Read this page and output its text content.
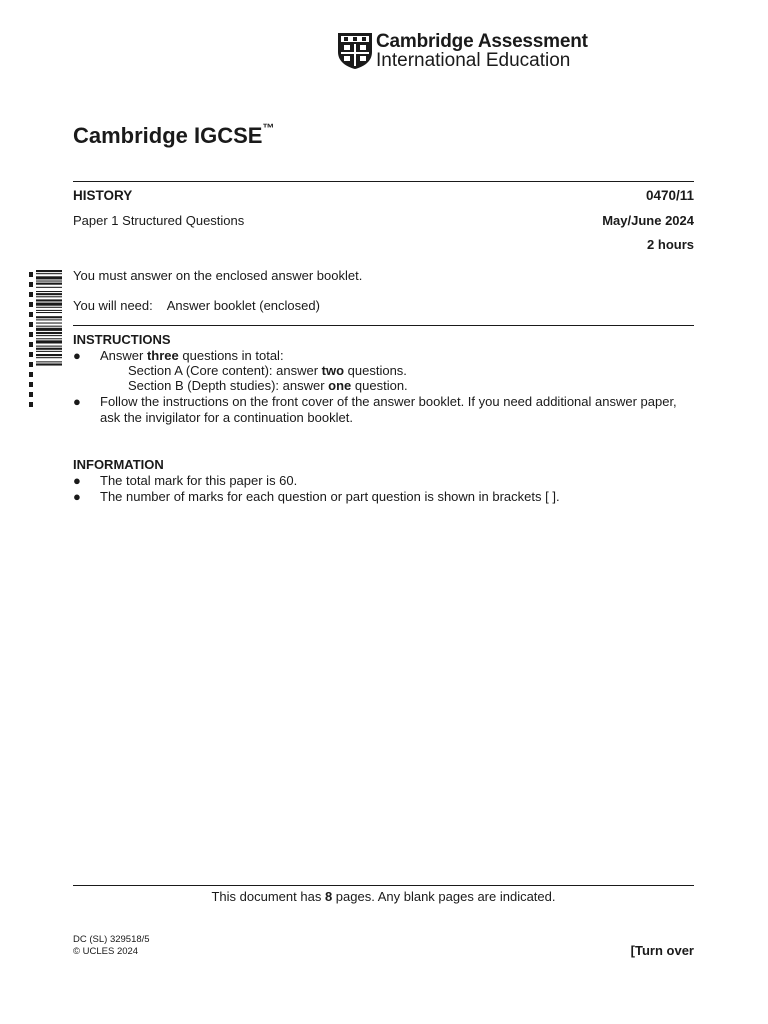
Cambridge Assessment
International Education
Cambridge IGCSE™
HISTORY	0470/11
Paper 1 Structured Questions	May/June 2024
2 hours
You must answer on the enclosed answer booklet.
You will need: Answer booklet (enclosed)
INSTRUCTIONS
● Answer three questions in total:
Section A (Core content): answer two questions.
Section B (Depth studies): answer one question.
● Follow the instructions on the front cover of the answer booklet. If you need additional answer paper,
ask the invigilator for a continuation booklet.
INFORMATION
● The total mark for this paper is 60.
● The number of marks for each question or part question is shown in brackets [ ].
This document has 8 pages. Any blank pages are indicated.
DC (SL) 329518/5
© UCLES 2024	[Turn over
